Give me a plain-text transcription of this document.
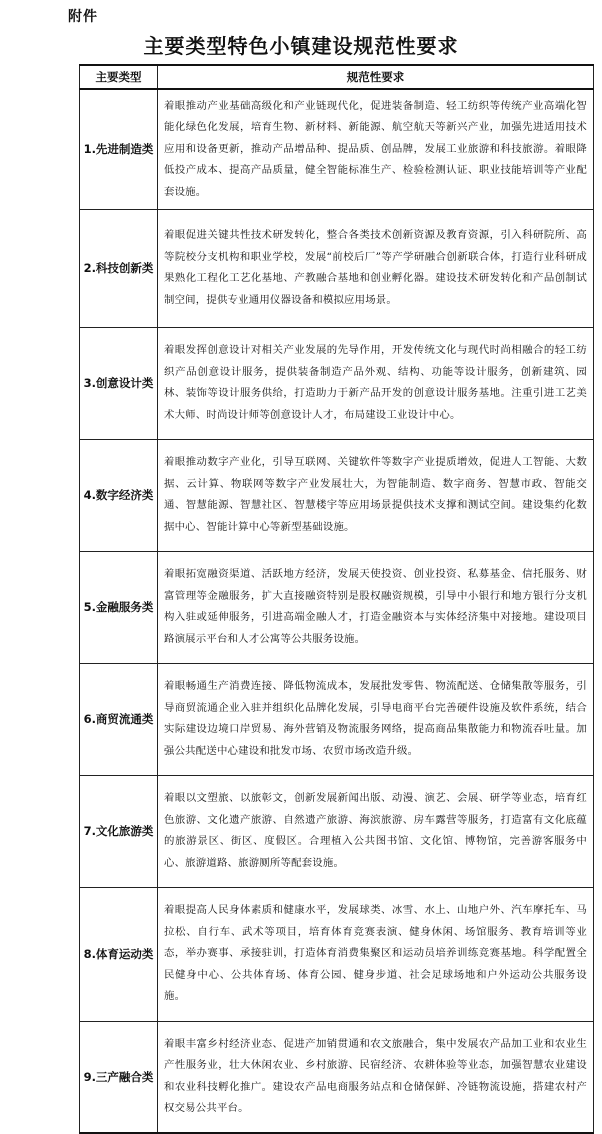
附件
主要类型特色小镇建设规范性要求
主要类型	规范性要求
1.先进制造类	着眼推动产业基础高级化和产业链现代化，促进装备制造、轻工纺织等传统产业高端化智能化绿色化发展，培育生物、新材料、新能源、航空航天等新兴产业，加强先进适用技术应用和设备更新，推动产品增品种、提品质、创品牌，发展工业旅游和科技旅游。着眼降低投产成本、提高产品质量，健全智能标准生产、检验检测认证、职业技能培训等产业配套设施。
2.科技创新类	着眼促进关键共性技术研发转化，整合各类技术创新资源及教育资源，引入科研院所、高等院校分支机构和职业学校，发展“前校后厂”等产学研融合创新联合体，打造行业科研成果熟化工程化工艺化基地、产教融合基地和创业孵化器。建设技术研发转化和产品创制试制空间，提供专业通用仪器设备和模拟应用场景。
3.创意设计类	着眼发挥创意设计对相关产业发展的先导作用，开发传统文化与现代时尚相融合的轻工纺织产品创意设计服务，提供装备制造产品外观、结构、功能等设计服务，创新建筑、园林、装饰等设计服务供给，打造助力于新产品开发的创意设计服务基地。注重引进工艺美术大师、时尚设计师等创意设计人才，布局建设工业设计中心。
4.数字经济类	着眼推动数字产业化，引导互联网、关键软件等数字产业提质增效，促进人工智能、大数据、云计算、物联网等数字产业发展壮大，为智能制造、数字商务、智慧市政、智能交通、智慧能源、智慧社区、智慧楼宇等应用场景提供技术支撑和测试空间。建设集约化数据中心、智能计算中心等新型基础设施。
5.金融服务类	着眼拓宽融资渠道、活跃地方经济，发展天使投资、创业投资、私募基金、信托服务、财富管理等金融服务，扩大直接融资特别是股权融资规模，引导中小银行和地方银行分支机构入驻或延伸服务，引进高端金融人才，打造金融资本与实体经济集中对接地。建设项目路演展示平台和人才公寓等公共服务设施。
6.商贸流通类	着眼畅通生产消费连接、降低物流成本，发展批发零售、物流配送、仓储集散等服务，引导商贸流通企业入驻并组织化品牌化发展，引导电商平台完善硬件设施及软件系统，结合实际建设边境口岸贸易、海外营销及物流服务网络，提高商品集散能力和物流吞吐量。加强公共配送中心建设和批发市场、农贸市场改造升级。
7.文化旅游类	着眼以文塑旅、以旅彰文，创新发展新闻出版、动漫、演艺、会展、研学等业态，培育红色旅游、文化遗产旅游、自然遗产旅游、海滨旅游、房车露营等服务，打造富有文化底蕴的旅游景区、街区、度假区。合理植入公共图书馆、文化馆、博物馆，完善游客服务中心、旅游道路、旅游厕所等配套设施。
8.体育运动类	着眼提高人民身体素质和健康水平，发展球类、冰雪、水上、山地户外、汽车摩托车、马拉松、自行车、武术等项目，培育体育竞赛表演、健身休闲、场馆服务、教育培训等业态，举办赛事、承接驻训，打造体育消费集聚区和运动员培养训练竞赛基地。科学配置全民健身中心、公共体育场、体育公园、健身步道、社会足球场地和户外运动公共服务设施。
9.三产融合类	着眼丰富乡村经济业态、促进产加销贯通和农文旅融合，集中发展农产品加工业和农业生产性服务业，壮大休闲农业、乡村旅游、民宿经济、农耕体验等业态，加强智慧农业建设和农业科技孵化推广。建设农产品电商服务站点和仓储保鲜、冷链物流设施，搭建农村产权交易公共平台。
